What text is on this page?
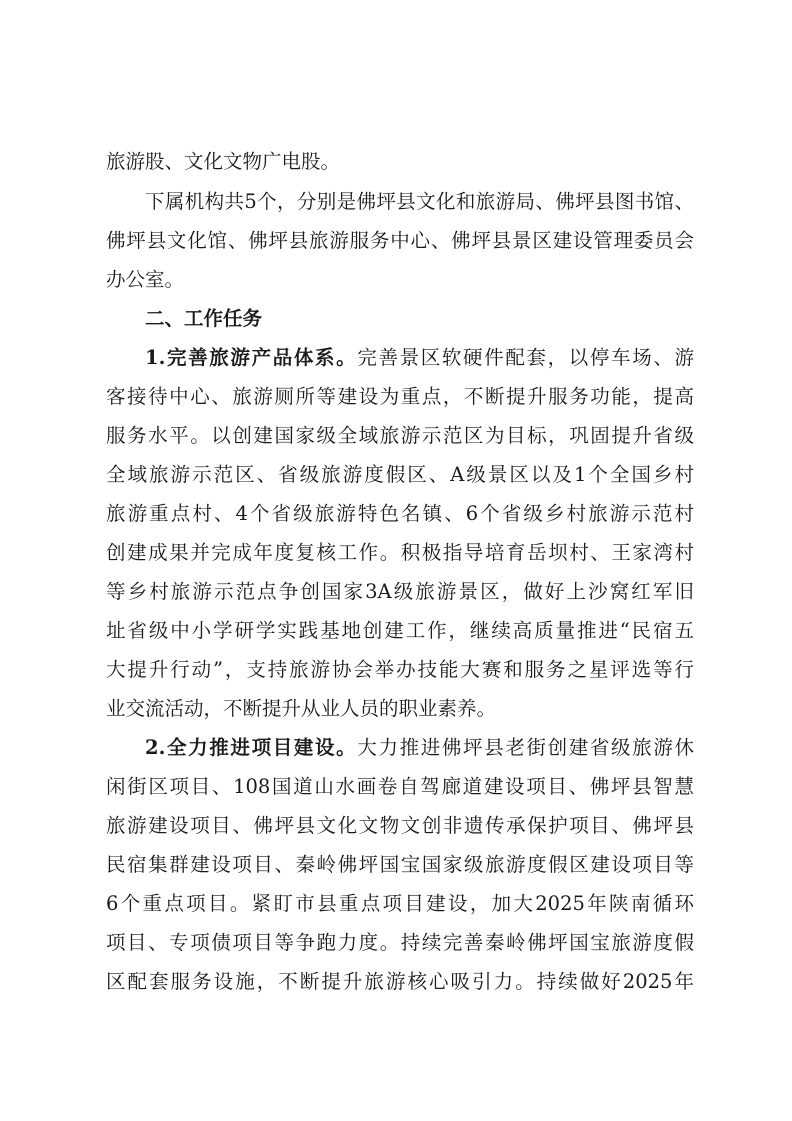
旅游股、文化文物广电股。
下属机构共5个，分别是佛坪县文化和旅游局、佛坪县图书馆、
佛坪县文化馆、佛坪县旅游服务中心、佛坪县景区建设管理委员会
办公室。
二、工作任务
1.完善旅游产品体系。完善景区软硬件配套，以停车场、游
客接待中心、旅游厕所等建设为重点，不断提升服务功能，提高
服务水平。以创建国家级全域旅游示范区为目标，巩固提升省级
全域旅游示范区、省级旅游度假区、A级景区以及1个全国乡村
旅游重点村、4个省级旅游特色名镇、6个省级乡村旅游示范村
创建成果并完成年度复核工作。积极指导培育岳坝村、王家湾村
等乡村旅游示范点争创国家3A级旅游景区，做好上沙窝红军旧
址省级中小学研学实践基地创建工作，继续高质量推进“民宿五
大提升行动”，支持旅游协会举办技能大赛和服务之星评选等行
业交流活动，不断提升从业人员的职业素养。
2.全力推进项目建设。大力推进佛坪县老街创建省级旅游休
闲街区项目、108国道山水画卷自驾廊道建设项目、佛坪县智慧
旅游建设项目、佛坪县文化文物文创非遗传承保护项目、佛坪县
民宿集群建设项目、秦岭佛坪国宝国家级旅游度假区建设项目等
6个重点项目。紧盯市县重点项目建设，加大2025年陕南循环
项目、专项债项目等争跑力度。持续完善秦岭佛坪国宝旅游度假
区配套服务设施，不断提升旅游核心吸引力。持续做好2025年
